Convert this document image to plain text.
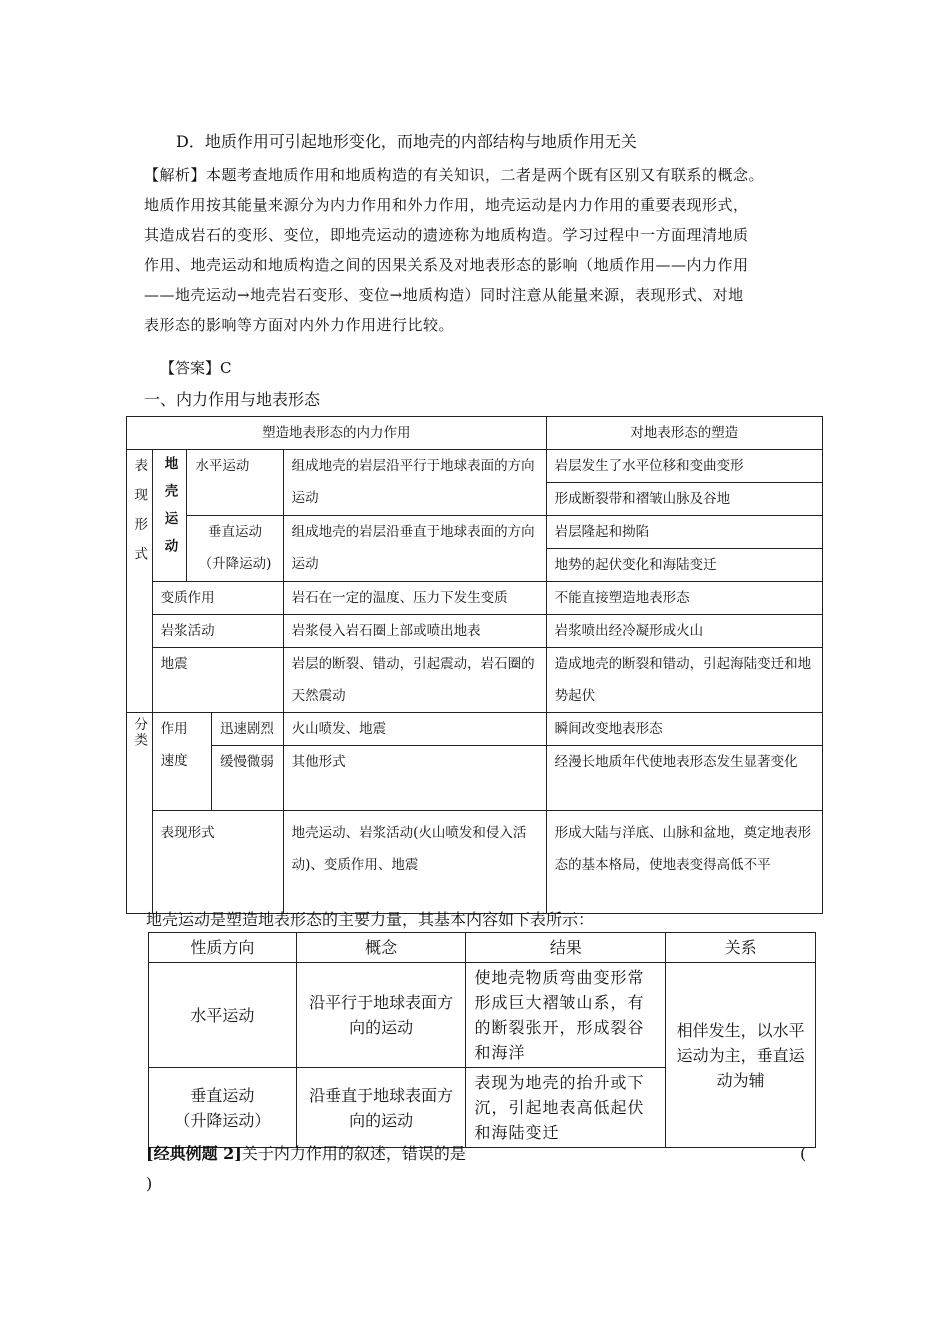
D．地质作用可引起地形变化，而地壳的内部结构与地质作用无关

【解析】本题考查地质作用和地质构造的有关知识，二者是两个既有区别又有联系的概念。

地质作用按其能量来源分为内力作用和外力作用，地壳运动是内力作用的重要表现形式，

其造成岩石的变形、变位，即地壳运动的遗迹称为地质构造。学习过程中一方面理清地质

作用、地壳运动和地质构造之间的因果关系及对地表形态的影响（地质作用——内力作用

——地壳运动→地壳岩石变形、变位→地质构造）同时注意从能量来源，表现形式、对地

表形态的影响等方面对内外力作用进行比较。

【答案】C
一、内力作用与地表形态
塑造地表形态的内力作用					对地表形态的塑造

表现形式	地壳运动	水平运动		组成地壳的岩层沿平行于地球表面的方向运动	岩层发生了水平位移和变曲变形
					形成断裂带和褶皱山脉及谷地

		垂直运动
（升降运动)		组成地壳的岩层沿垂直于地球表面的方向运动	岩层隆起和拗陷
					地势的起伏变化和海陆变迁
	变质作用			岩石在一定的温度、压力下发生变质	不能直接塑造地表形态
	岩浆活动			岩浆侵入岩石圈上部或喷出地表	岩浆喷出经冷凝形成火山
	地震			岩层的断裂、错动，引起震动，岩石圈的天然震动	造成地壳的断裂和错动，引起海陆变迁和地势起伏

分类	作用速度		迅速剧烈	火山喷发、地震	瞬间改变地表形态
			缓慢微弱	其他形式	经漫长地质年代使地表形态发生显著变化
	表现形式			地壳运动、岩浆活动(火山喷发和侵入活动)、变质作用、地震	形成大陆与洋底、山脉和盆地，奠定地表形态的基本格局，使地表变得高低不平
地壳运动是塑造地表形态的主要力量，其基本内容如下表所示：
性质方向	概念	结果	关系
水平运动	沿平行于地球表面方向的运动	使地壳物质弯曲变形常形成巨大褶皱山系，有的断裂张开，形成裂谷和海洋	相伴发生，以水平运动为主，垂直运动为辅

垂直运动
（升降运动）	沿垂直于地球表面方向的运动	表现为地壳的抬升或下沉，引起地表高低起伏和海陆变迁	
[经典例题 2]关于内力作用的叙述，错误的是	(
)
